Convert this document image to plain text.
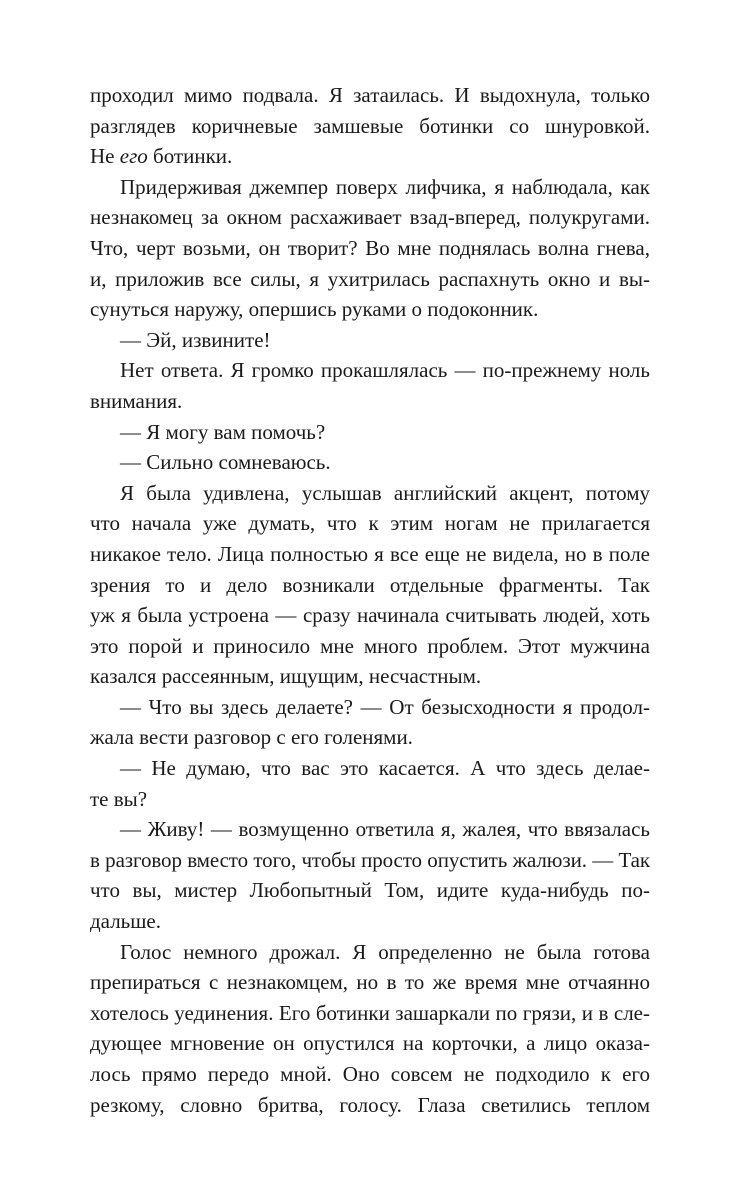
проходил мимо подвала. Я затаилась. И выдохнула, только
разглядев коричневые замшевые ботинки со шнуровкой.
Не его ботинки.
Придерживая джемпер поверх лифчика, я наблюдала, как
незнакомец за окном расхаживает взад-вперед, полукругами.
Что, черт возьми, он творит? Во мне поднялась волна гнева,
и, приложив все силы, я ухитрилась распахнуть окно и вы-
сунуться наружу, опершись руками о подоконник.
— Эй, извините!
Нет ответа. Я громко прокашлялась — по-прежнему ноль
внимания.
— Я могу вам помочь?
— Сильно сомневаюсь.
Я была удивлена, услышав английский акцент, потому
что начала уже думать, что к этим ногам не прилагается
никакое тело. Лица полностью я все еще не видела, но в поле
зрения то и дело возникали отдельные фрагменты. Так
уж я была устроена — сразу начинала считывать людей, хоть
это порой и приносило мне много проблем. Этот мужчина
казался рассеянным, ищущим, несчастным.
— Что вы здесь делаете? — От безысходности я продол-
жала вести разговор с его голенями.
— Не думаю, что вас это касается. А что здесь делае-
те вы?
— Живу! — возмущенно ответила я, жалея, что ввязалась
в разговор вместо того, чтобы просто опустить жалюзи. — Так
что вы, мистер Любопытный Том, идите куда-нибудь по-
дальше.
Голос немного дрожал. Я определенно не была готова
препираться с незнакомцем, но в то же время мне отчаянно
хотелось уединения. Его ботинки зашаркали по грязи, и в сле-
дующее мгновение он опустился на корточки, а лицо оказа-
лось прямо передо мной. Оно совсем не подходило к его
резкому, словно бритва, голосу. Глаза светились теплом
